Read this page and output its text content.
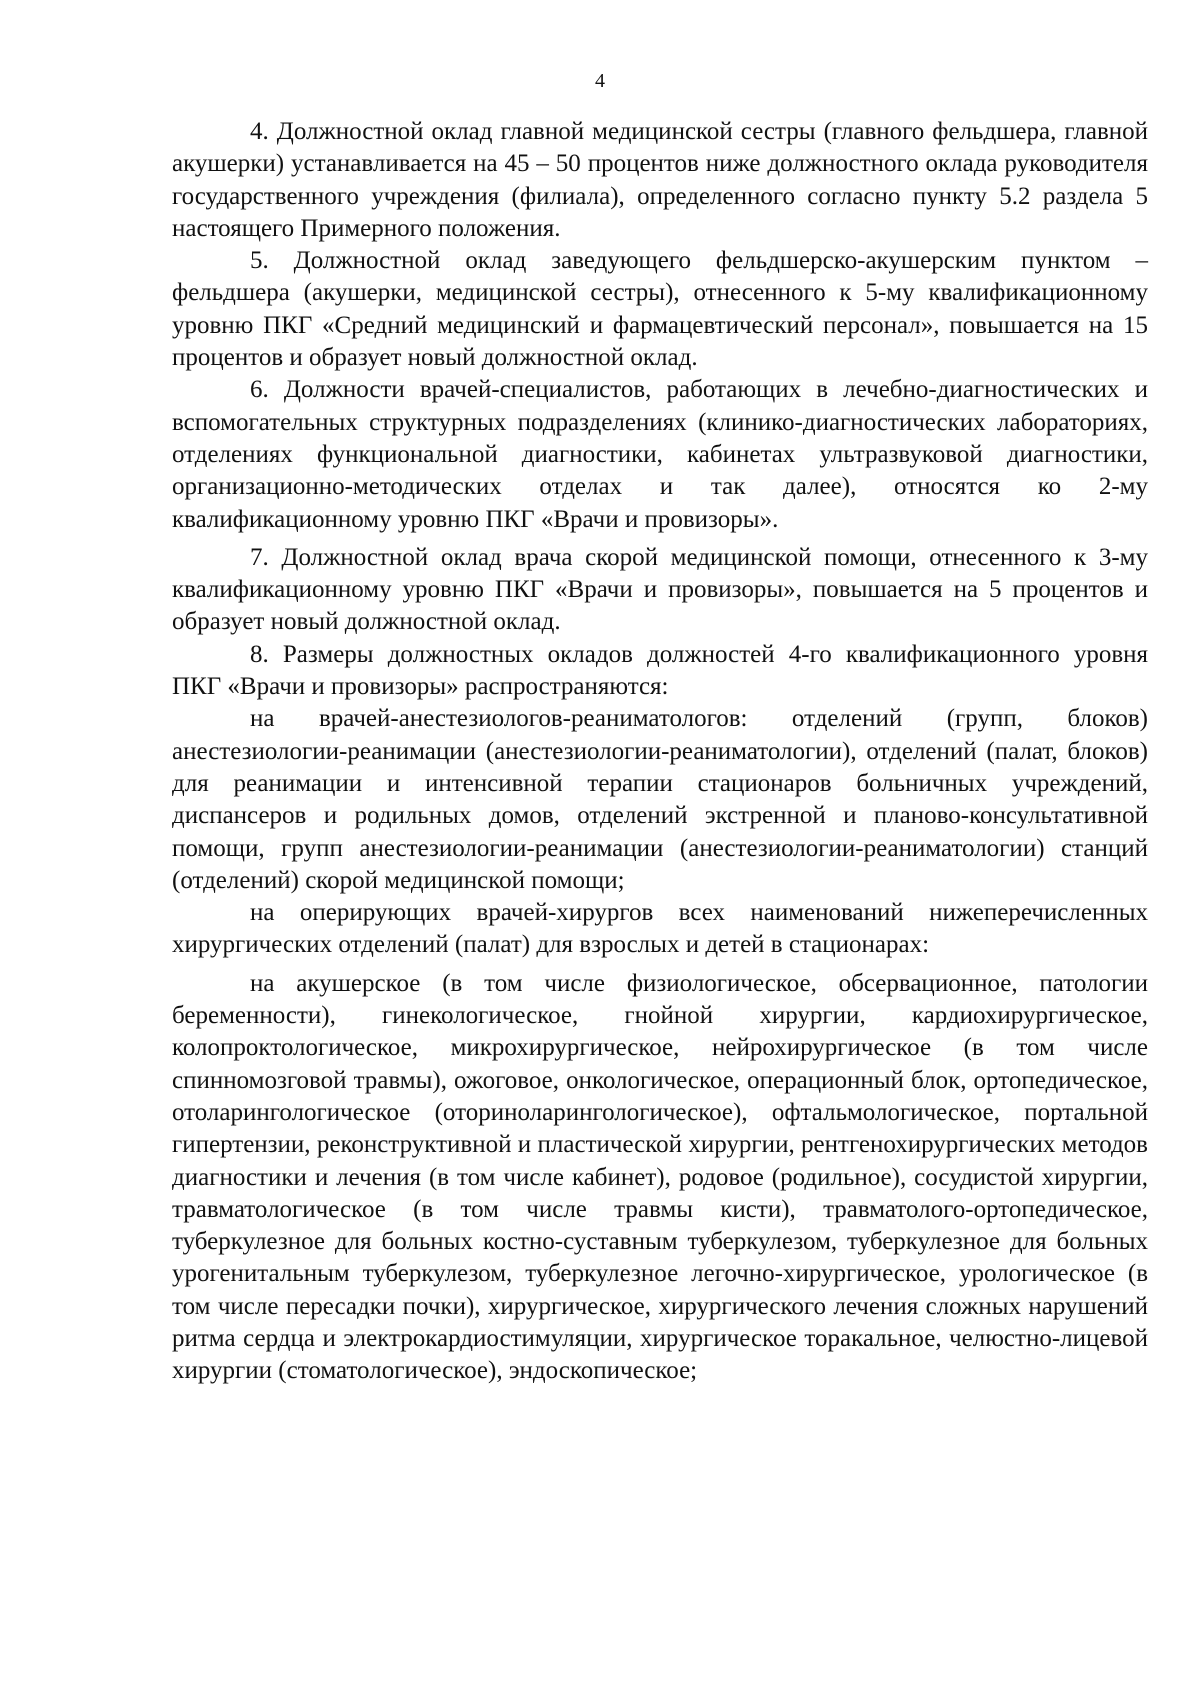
4

4. Должностной оклад главной медицинской сестры (главного фельдшера, главной акушерки) устанавливается на 45 – 50 процентов ниже должностного оклада руководителя государственного учреждения (филиала), определенного согласно пункту 5.2 раздела 5 настоящего Примерного положения.

5. Должностной оклад заведующего фельдшерско-акушерским пунктом – фельдшера (акушерки, медицинской сестры), отнесенного к 5-му квалификационному уровню ПКГ «Средний медицинский и фармацевтический персонал», повышается на 15 процентов и образует новый должностной оклад.

6. Должности врачей-специалистов, работающих в лечебно-диагностических и вспомогательных структурных подразделениях (клинико-диагностических лабораториях, отделениях функциональной диагностики, кабинетах ультразвуковой диагностики, организационно-методических отделах и так далее), относятся ко 2-му квалификационному уровню ПКГ «Врачи и провизоры».

7. Должностной оклад врача скорой медицинской помощи, отнесенного к 3-му квалификационному уровню ПКГ «Врачи и провизоры», повышается на 5 процентов и образует новый должностной оклад.

8. Размеры должностных окладов должностей 4-го квалификационного уровня ПКГ «Врачи и провизоры» распространяются:

на врачей-анестезиологов-реаниматологов: отделений (групп, блоков) анестезиологии-реанимации (анестезиологии-реаниматологии), отделений (палат, блоков) для реанимации и интенсивной терапии стационаров больничных учреждений, диспансеров и родильных домов, отделений экстренной и планово-консультативной помощи, групп анестезиологии-реанимации (анестезиологии-реаниматологии) станций (отделений) скорой медицинской помощи;

на оперирующих врачей-хирургов всех наименований нижеперечисленных хирургических отделений (палат) для взрослых и детей в стационарах:

на акушерское (в том числе физиологическое, обсервационное, патологии беременности), гинекологическое, гнойной хирургии, кардиохирургическое, колопроктологическое, микрохирургическое, нейрохирургическое (в том числе спинномозговой травмы), ожоговое, онкологическое, операционный блок, ортопедическое, отоларингологическое (оториноларингологическое), офтальмологическое, портальной гипертензии, реконструктивной и пластической хирургии, рентгенохирургических методов диагностики и лечения (в том числе кабинет), родовое (родильное), сосудистой хирургии, травматологическое (в том числе травмы кисти), травматолого-ортопедическое, туберкулезное для больных костно-суставным туберкулезом, туберкулезное для больных урогенитальным туберкулезом, туберкулезное легочно-хирургическое, урологическое (в том числе пересадки почки), хирургическое, хирургического лечения сложных нарушений ритма сердца и электрокардиостимуляции, хирургическое торакальное, челюстно-лицевой хирургии (стоматологическое), эндоскопическое;
